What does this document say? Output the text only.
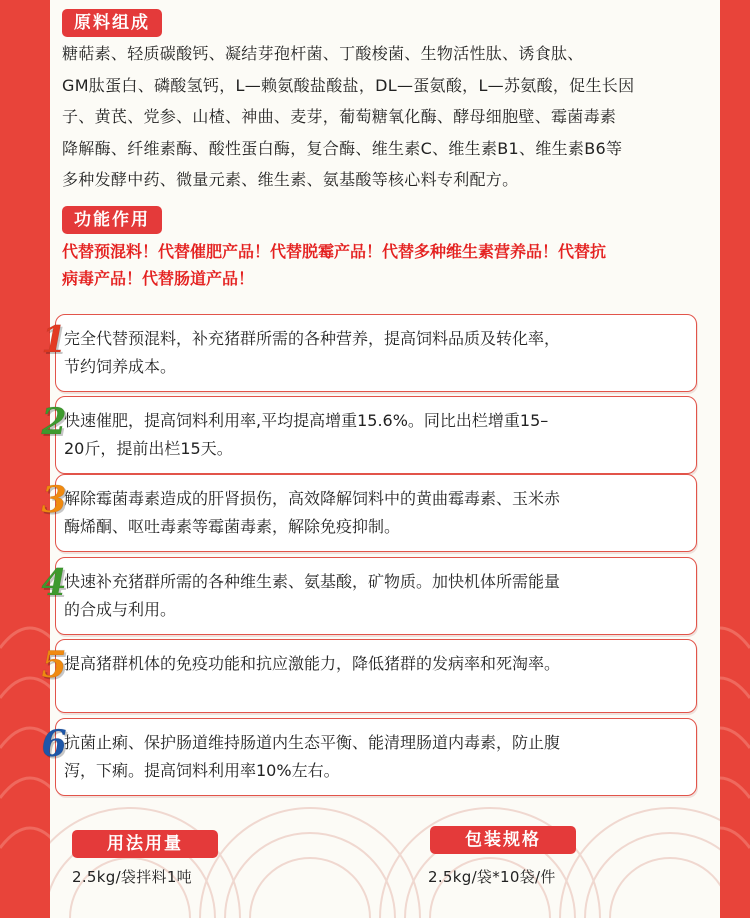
原料组成
糖萜素、轻质碳酸钙、凝结芽孢杆菌、丁酸梭菌、生物活性肽、诱食肽、
GM肽蛋白、磷酸氢钙，L—赖氨酸盐酸盐，DL—蛋氨酸，L—苏氨酸，促生长因
子、黄芪、党参、山楂、神曲、麦芽，葡萄糖氧化酶、酵母细胞壁、霉菌毒素
降解酶、纤维素酶、酸性蛋白酶，复合酶、维生素C、维生素B1、维生素B6等
多种发酵中药、微量元素、维生素、氨基酸等核心料专利配方。
功能作用
代替预混料！代替催肥产品！代替脱霉产品！代替多种维生素营养品！代替抗
病毒产品！代替肠道产品！
用法用量
2.5kg/袋拌料1吨
包装规格
2.5kg/袋*10袋/件
1
完全代替预混料，补充猪群所需的各种营养，提高饲料品质及转化率，
节约饲养成本。
2
快速催肥，提高饲料利用率,平均提高增重15.6%。同比出栏增重15–
20斤，提前出栏15天。
3
解除霉菌毒素造成的肝肾损伤，高效降解饲料中的黄曲霉毒素、玉米赤
酶烯酮、呕吐毒素等霉菌毒素，解除免疫抑制。
4
快速补充猪群所需的各种维生素、氨基酸，矿物质。加快机体所需能量
的合成与利用。
5
提高猪群机体的免疫功能和抗应激能力，降低猪群的发病率和死淘率。
6
抗菌止痢、保护肠道维持肠道内生态平衡、能清理肠道内毒素，防止腹
泻，下痢。提高饲料利用率10%左右。
